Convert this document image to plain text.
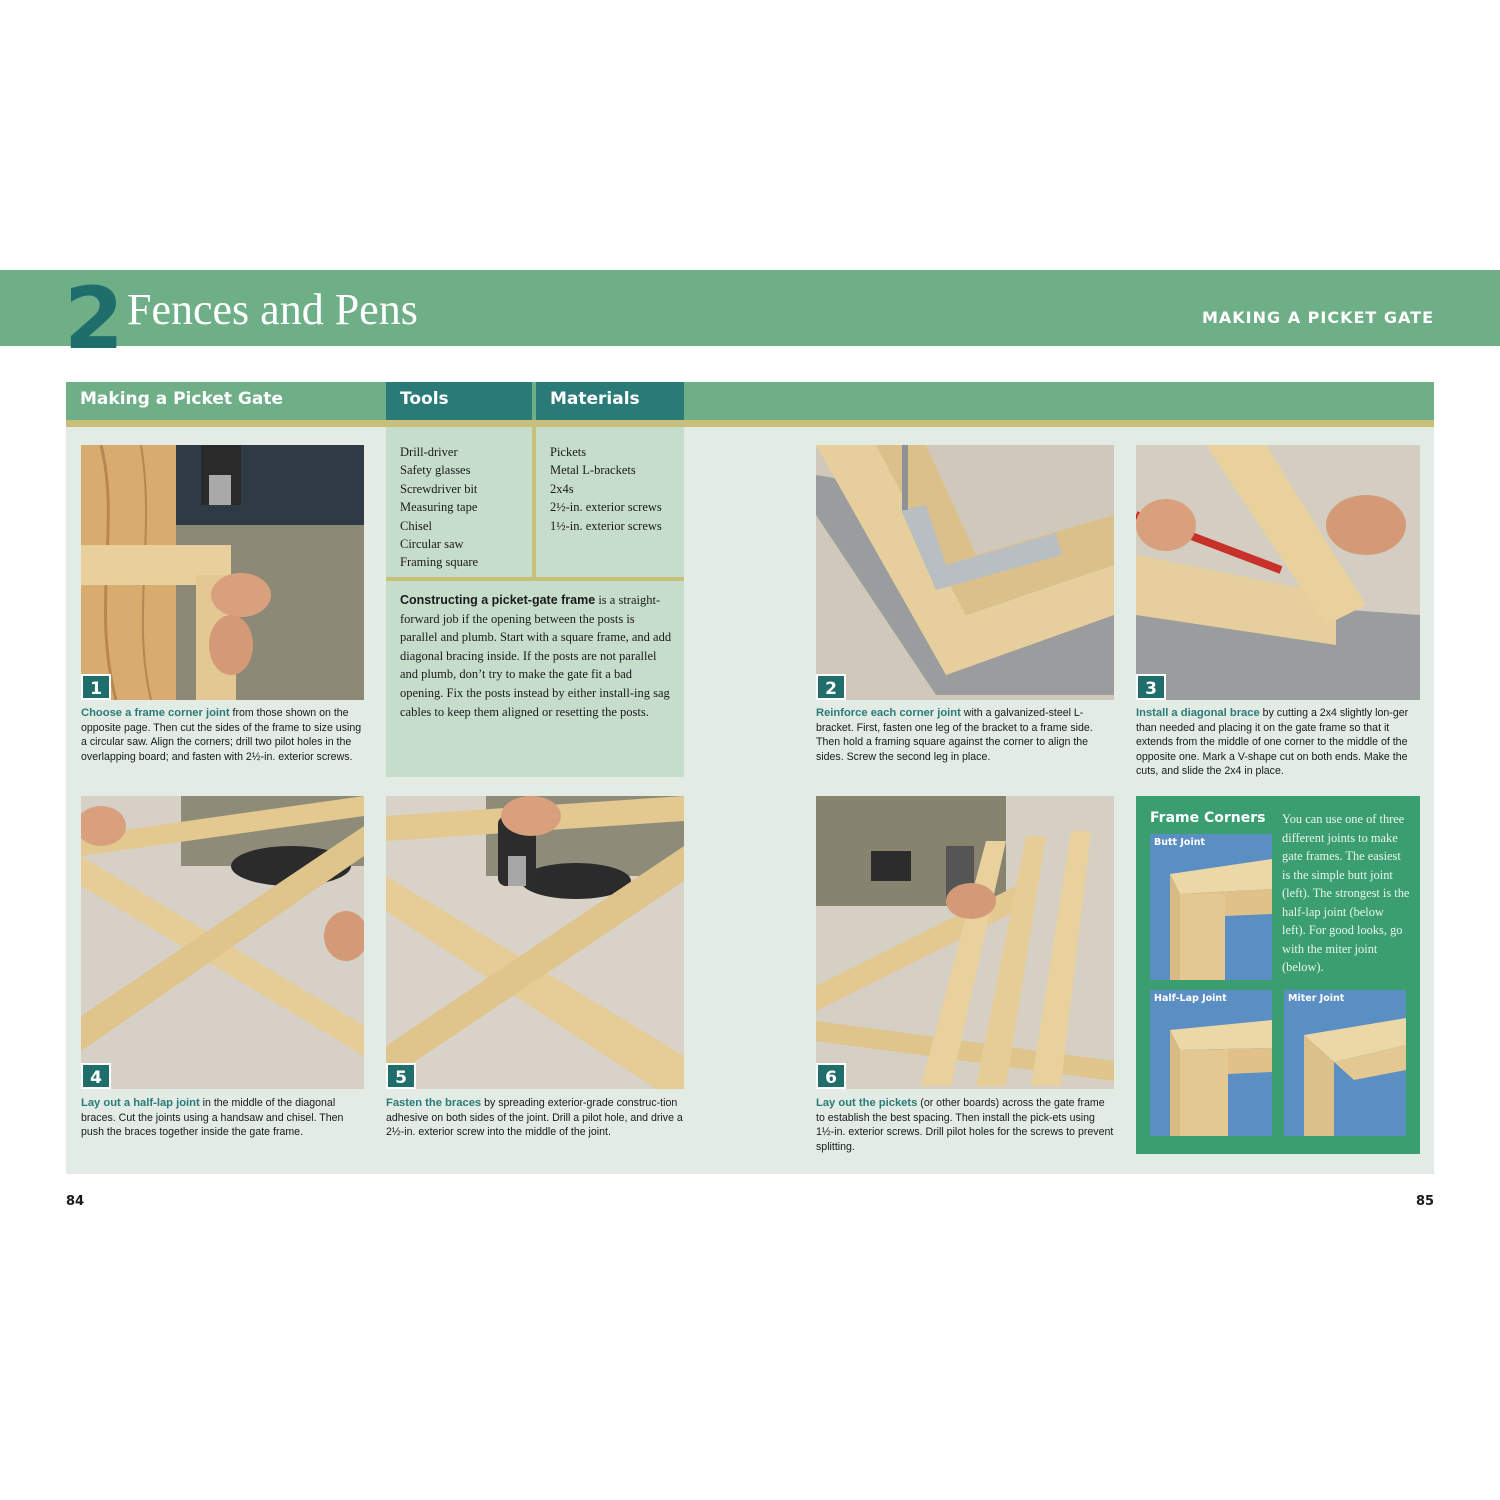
2 Fences and Pens	MAKING A PICKET GATE
Making a Picket Gate	Tools	Materials
Drill-driver
Safety glasses
Screwdriver bit
Measuring tape
Chisel
Circular saw
Framing square
Pickets
Metal L-brackets
2x4s
2½-in. exterior screws
1½-in. exterior screws
Constructing a picket-gate frame is a straight-forward job if the opening between the posts is parallel and plumb. Start with a square frame, and add diagonal bracing inside. If the posts are not parallel and plumb, don’t try to make the gate fit a bad opening. Fix the posts instead by either install-ing sag cables to keep them aligned or resetting the posts.
1
Choose a frame corner joint from those shown on the opposite page. Then cut the sides of the frame to size using a circular saw. Align the corners; drill two pilot holes in the overlapping board; and fasten with 2½-in. exterior screws.
2
Reinforce each corner joint with a galvanized-steel L-bracket. First, fasten one leg of the bracket to a frame side. Then hold a framing square against the corner to align the sides. Screw the second leg in place.
3
Install a diagonal brace by cutting a 2x4 slightly lon-ger than needed and placing it on the gate frame so that it extends from the middle of one corner to the middle of the opposite one. Mark a V-shape cut on both ends. Make the cuts, and slide the 2x4 in place.
4
Lay out a half-lap joint in the middle of the diagonal braces. Cut the joints using a handsaw and chisel. Then push the braces together inside the gate frame.
5
Fasten the braces by spreading exterior-grade construc-tion adhesive on both sides of the joint. Drill a pilot hole, and drive a 2½-in. exterior screw into the middle of the joint.
6
Lay out the pickets (or other boards) across the gate frame to establish the best spacing. Then install the pick-ets using 1½-in. exterior screws. Drill pilot holes for the screws to prevent splitting.
Frame Corners You can use one of three different joints to make gate frames. The easiest is the simple butt joint (left). The strongest is the half-lap joint (below left). For good looks, go with the miter joint (below).
Butt Joint
Half-Lap Joint	Miter Joint
84	85
